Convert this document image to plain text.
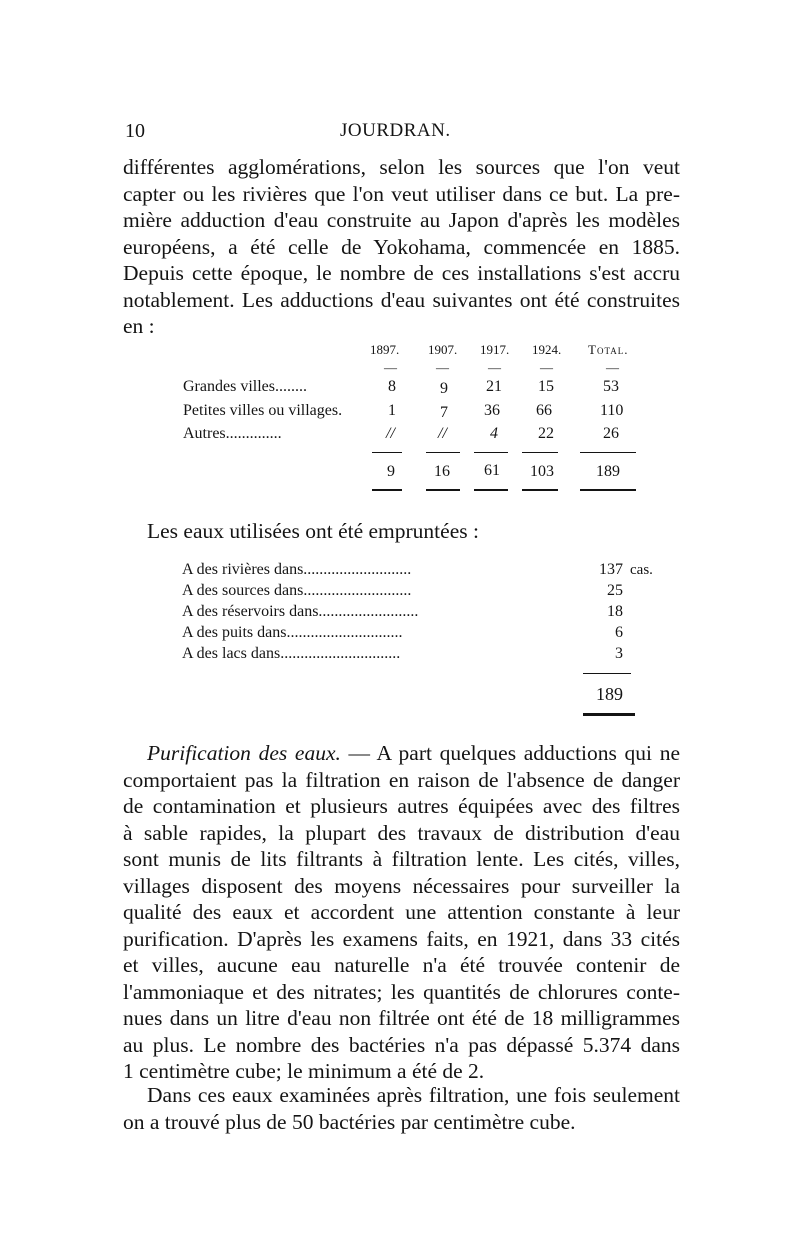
10	JOURDRAN.
différentes agglomérations, selon les sources que l'on veut
capter ou les rivières que l'on veut utiliser dans ce but. La pre-
mière adduction d'eau construite au Japon d'après les modèles
européens, a été celle de Yokohama, commencée en 1885.
Depuis cette époque, le nombre de ces installations s'est accru
notablement. Les adductions d'eau suivantes ont été construites
en :
1897. 1907. 1917. 1924. Total.
—	—	—	—	—
Grandes villes........	8	9 21 15	53
Petites villes ou villages.	1	7 36 66	110
Autres..............	//	//	4	22	26
9 16 61 103	189
Les eaux utilisées ont été empruntées :
A des rivières dans...........................	137 cas.
A des sources dans...........................	25
A des réservoirs dans.........................	18
A des puits dans.............................	6
A des lacs dans..............................	3
189
Purification des eaux. — A part quelques adductions qui ne
comportaient pas la filtration en raison de l'absence de danger
de contamination et plusieurs autres équipées avec des filtres
à sable rapides, la plupart des travaux de distribution d'eau
sont munis de lits filtrants à filtration lente. Les cités, villes,
villages disposent des moyens nécessaires pour surveiller la
qualité des eaux et accordent une attention constante à leur
purification. D'après les examens faits, en 1921, dans 33 cités
et villes, aucune eau naturelle n'a été trouvée contenir de
l'ammoniaque et des nitrates; les quantités de chlorures conte-
nues dans un litre d'eau non filtrée ont été de 18 milligrammes
au plus. Le nombre des bactéries n'a pas dépassé 5.374 dans
1 centimètre cube; le minimum a été de 2.
Dans ces eaux examinées après filtration, une fois seulement
on a trouvé plus de 50 bactéries par centimètre cube.
